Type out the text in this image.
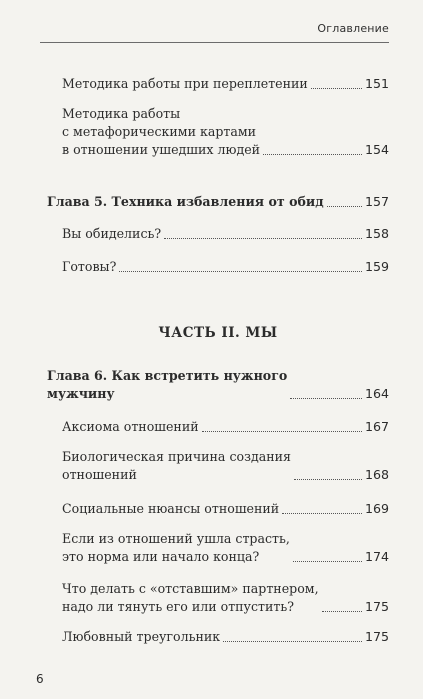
Оглавление
Методика работы при переплетении	151
Методика работы
с метафорическими картами
в отношении ушедших людей	154
Глава 5. Техника избавления от обид	157
Вы обиделись?	158
Готовы?	159
ЧАСТЬ II. МЫ
Глава 6. Как встретить нужного
мужчину	164
Аксиома отношений	167
Биологическая причина создания
отношений	168
Социальные нюансы отношений	169
Если из отношений ушла страсть,
это норма или начало конца?	174
Что делать с «отставшим» партнером,
надо ли тянуть его или отпустить?	175
Любовный треугольник	175
6
